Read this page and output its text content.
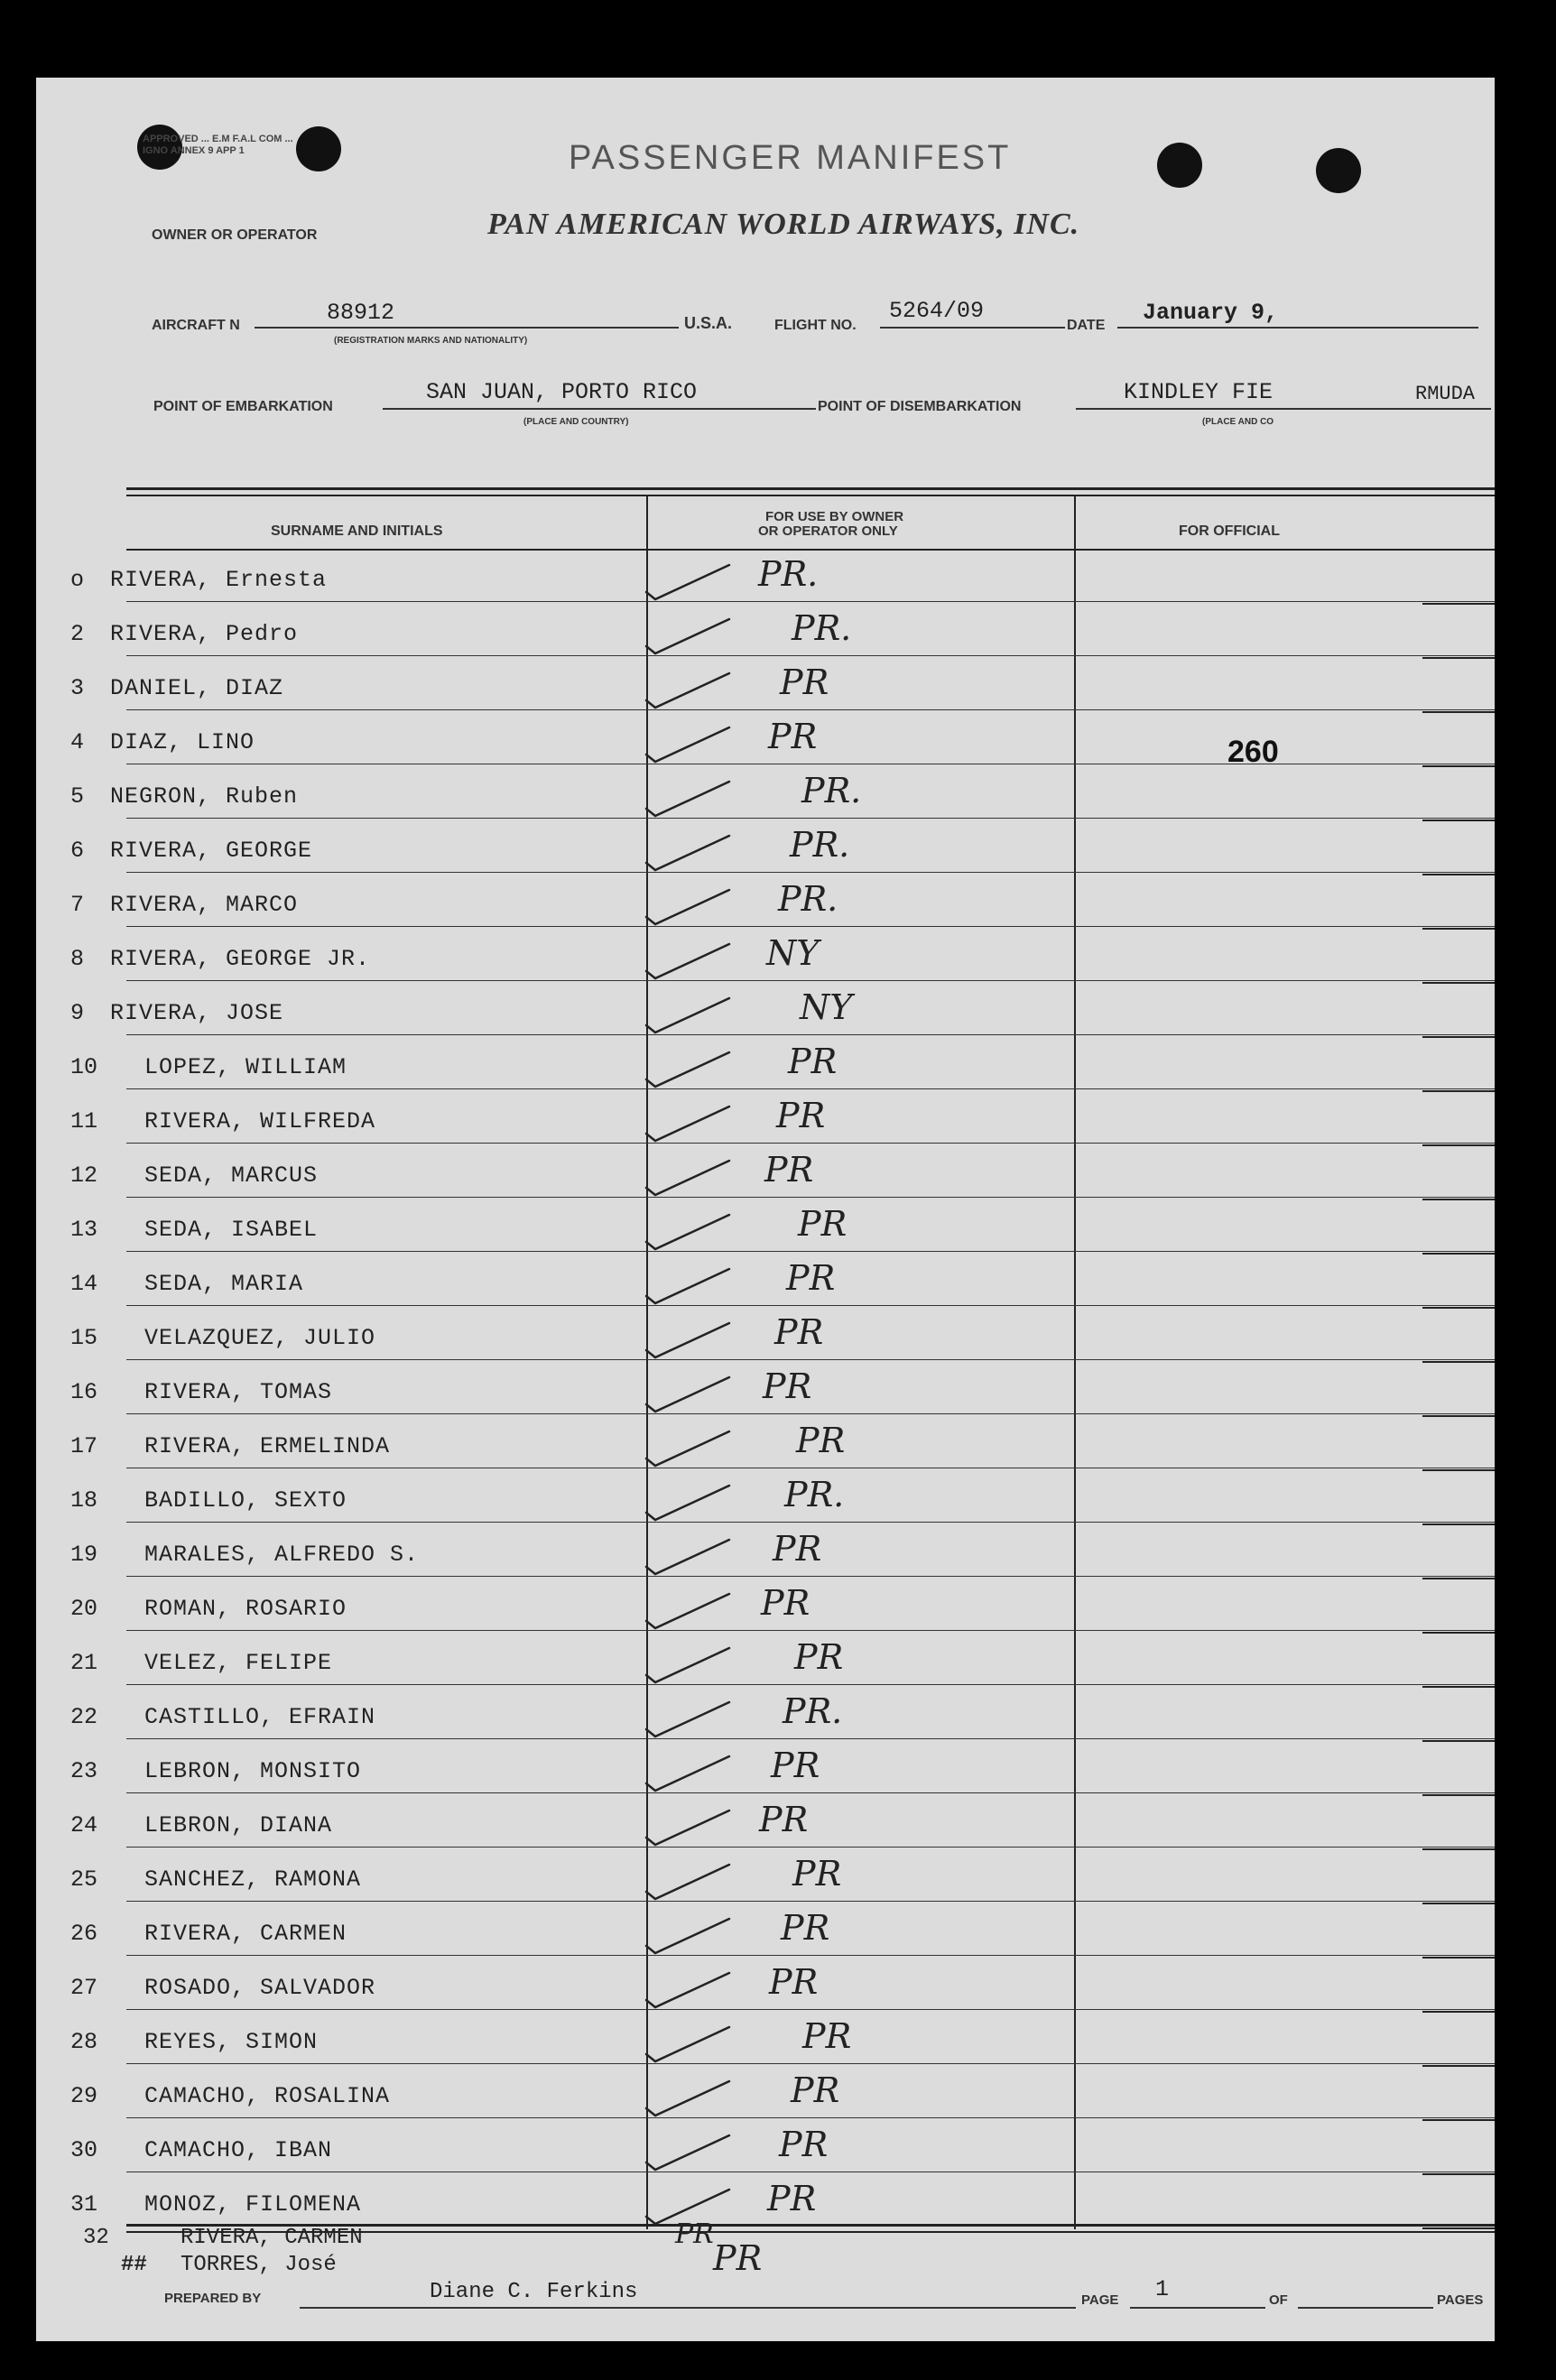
APPROVED ... E.M F.A.L COM ... IGNO ANNEX 9 APP 1	PASSENGER MANIFEST
OWNER OR OPERATOR	PAN AMERICAN WORLD AIRWAYS, INC.
AIRCRAFT N	88912
(REGISTRATION MARKS AND NATIONALITY)
U.S.A.	FLIGHT NO.
5264/09
DATE January 9,
POINT OF EMBARKATION
SAN JUAN, PORTO RICO
(PLACE AND COUNTRY)
POINT OF DISEMBARKATION
KINDLEY FIE
(PLACE AND CO
RMUDA
SURNAME AND INITIALS
FOR USE BY OWNER
OR OPERATOR ONLY	FOR OFFICIAL
o RIVERA, Ernesta	PR.
2 RIVERA, Pedro	PR.
3 DANIEL, DIAZ	PR
4 DIAZ, LINO	PR
5 NEGRON, Ruben	PR.
6 RIVERA, GEORGE	PR.
7 RIVERA, MARCO	PR.
8 RIVERA, GEORGE JR.	NY
9 RIVERA, JOSE	NY
10 LOPEZ, WILLIAM	PR
11 RIVERA, WILFREDA	PR
12 SEDA, MARCUS	PR
13 SEDA, ISABEL	PR
14 SEDA, MARIA	PR
15 VELAZQUEZ, JULIO	PR
16 RIVERA, TOMAS	PR
17 RIVERA, ERMELINDA	PR
18 BADILLO, SEXTO	PR.
19 MARALES, ALFREDO S.	PR
20 ROMAN, ROSARIO	PR
21 VELEZ, FELIPE	PR
22 CASTILLO, EFRAIN	PR.
23 LEBRON, MONSITO	PR
24 LEBRON, DIANA	PR
25 SANCHEZ, RAMONA	PR
26 RIVERA, CARMEN	PR
27 ROSADO, SALVADOR	PR
28 REYES, SIMON	PR
29 CAMACHO, ROSALINA	PR
30 CAMACHO, IBAN	PR
31 MONOZ, FILOMENA	PR
260
32	RIVERA, CARMEN	PR
## TORRES, José	PR
PREPARED BY	Diane C. Ferkins	PAGE 1	OF	PAGES
